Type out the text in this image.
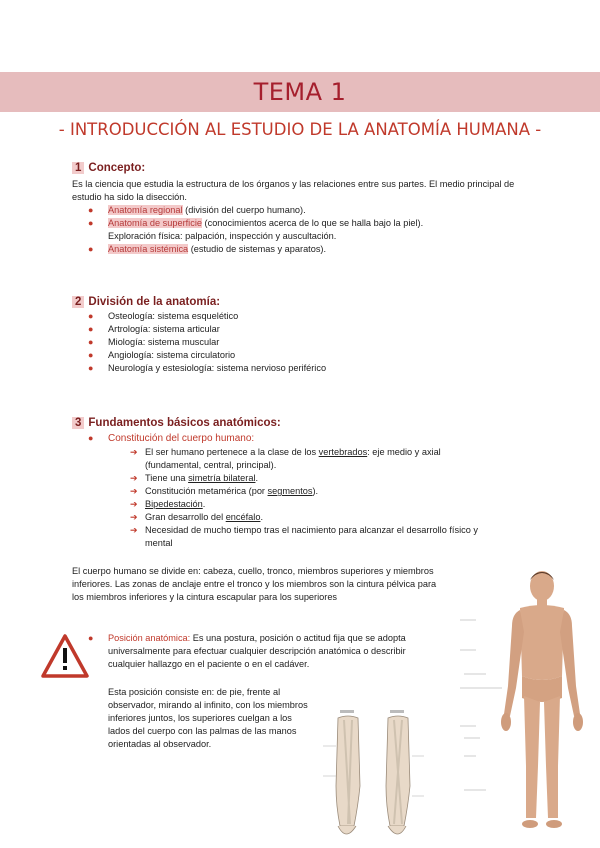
TEMA 1
- INTRODUCCIÓN AL ESTUDIO DE LA ANATOMÍA HUMANA -
1 Concepto:
Es la ciencia que estudia la estructura de los órganos y las relaciones entre sus partes. El medio principal de estudio ha sido la disección.
● Anatomía regional (división del cuerpo humano).
● Anatomía de superficie (conocimientos acerca de lo que se halla bajo la piel).
Exploración física: palpación, inspección y auscultación.
● Anatomía sistémica (estudio de sistemas y aparatos).
2 División de la anatomía:
● Osteología: sistema esquelético
● Artrología: sistema articular
● Miología: sistema muscular
● Angiología: sistema circulatorio
● Neurología y estesiología: sistema nervioso periférico
3 Fundamentos básicos anatómicos:
● Constitución del cuerpo humano:
➔ El ser humano pertenece a la clase de los vertebrados: eje medio y axial
(fundamental, central, principal).
➔ Tiene una simetría bilateral.
➔ Constitución metamérica (por segmentos).
➔ Bipedestación.
➔ Gran desarrollo del encéfalo.
➔ Necesidad de mucho tiempo tras el nacimiento para alcanzar el desarrollo físico y
mental
El cuerpo humano se divide en: cabeza, cuello, tronco, miembros superiores y miembros inferiores. Las zonas de anclaje entre el tronco y los miembros son la cintura pélvica para los miembros inferiores y la cintura escapular para los superiores
● Posición anatómica: Es una postura, posición o actitud fija que se adopta universalmente para efectuar cualquier descripción anatómica o describir cualquier hallazgo en el paciente o en el cadáver.
Esta posición consiste en: de pie, frente al observador, mirando al infinito, con los miembros inferiores juntos, los superiores cuelgan a los lados del cuerpo con las palmas de las manos orientadas al observador.
